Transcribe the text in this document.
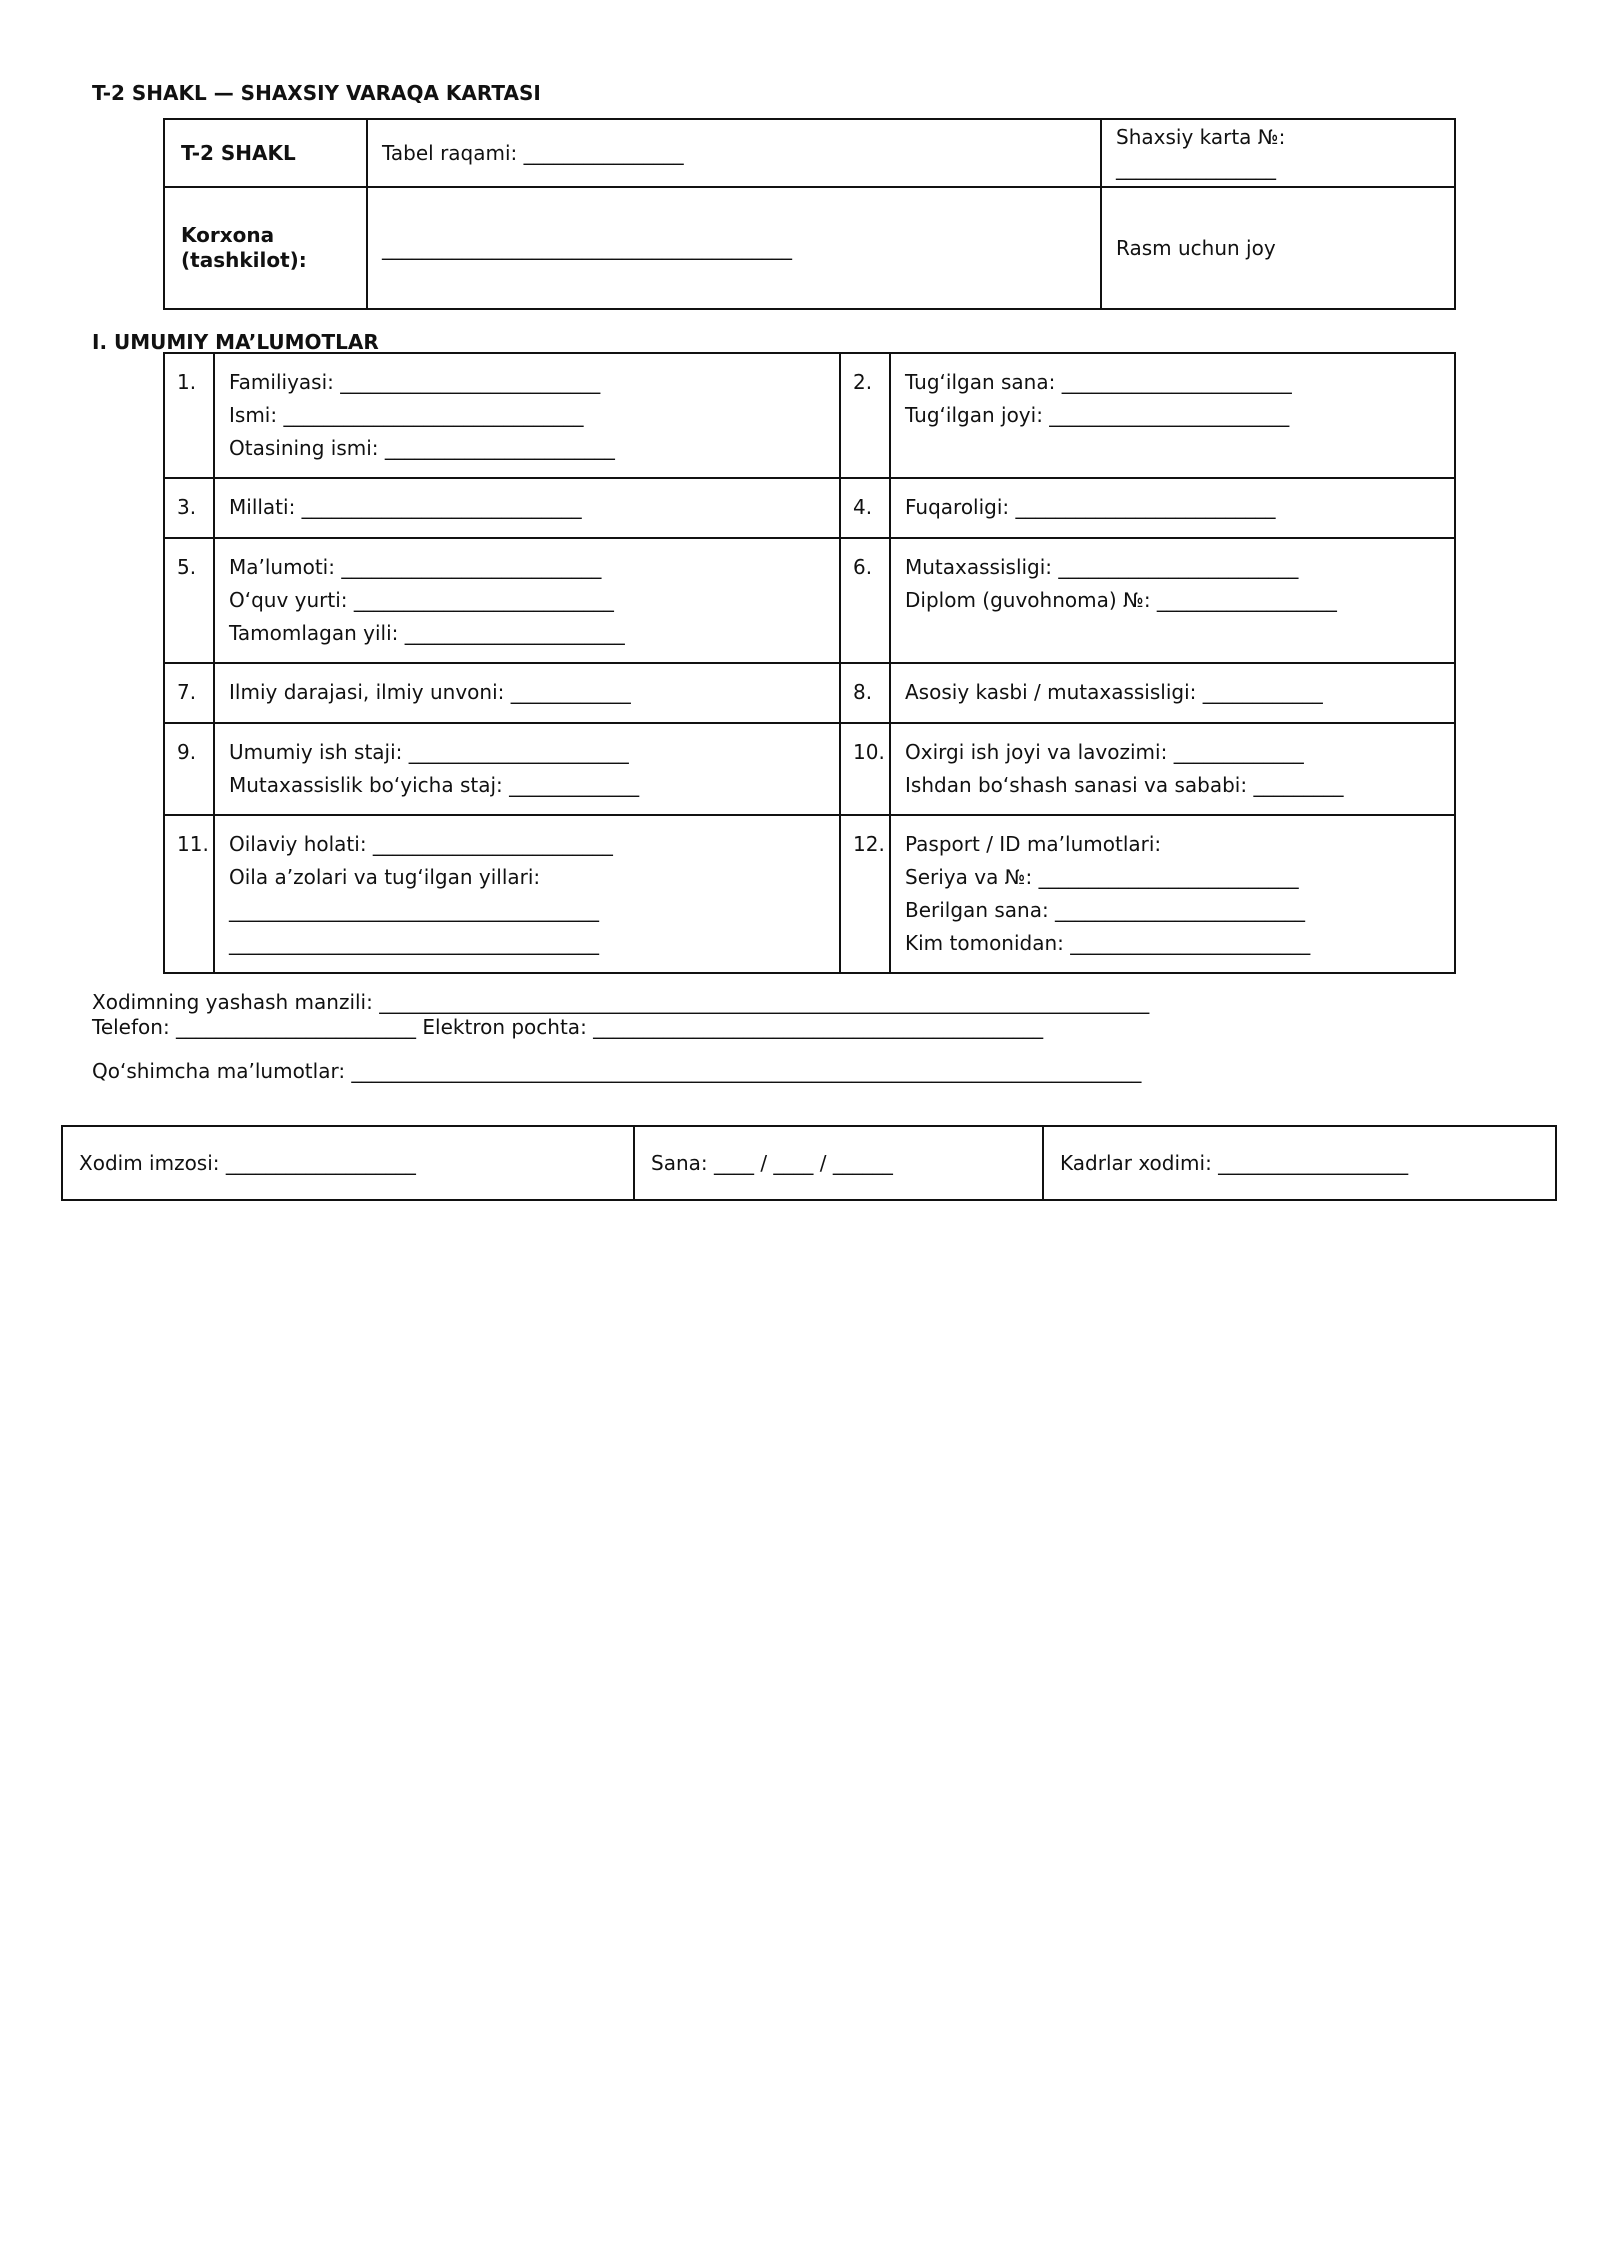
T-2 SHAKL — SHAXSIY VARAQA KARTASI
T-2 SHAKL	Tabel raqami: ________________	Shaxsiy karta №:
________________

Korxona
(tashkilot):	_________________________________________	Rasm uchun joy
I. UMUMIY MA’LUMOTLAR
1.	Familiyasi: __________________________
Ismi: ______________________________
Otasining ismi: _______________________	2.	Tug‘ilgan sana: _______________________
Tug‘ilgan joyi: ________________________

3.	Millati: ____________________________	4.	Fuqaroligi: __________________________

5.	Ma’lumoti: __________________________
O‘quv yurti: __________________________
Tamomlagan yili: ______________________	6.	Mutaxassisligi: ________________________
Diplom (guvohnoma) №: __________________

7.	Ilmiy darajasi, ilmiy unvoni: ____________	8.	Asosiy kasbi / mutaxassisligi: ____________

9.	Umumiy ish staji: ______________________
Mutaxassislik bo‘yicha staj: _____________	10.	Oxirgi ish joyi va lavozimi: _____________
Ishdan bo‘shash sanasi va sababi: _________

11.	Oilaviy holati: ________________________
Oila a’zolari va tug‘ilgan yillari:
_____________________________________
_____________________________________	12.	Pasport / ID ma’lumotlari:
Seriya va №: __________________________
Berilgan sana: _________________________
Kim tomonidan: ________________________
Xodimning yashash manzili: _____________________________________________________________________________
Telefon: ________________________ Elektron pochta: _____________________________________________
Qo‘shimcha ma’lumotlar: _______________________________________________________________________________
Xodim imzosi: ___________________	Sana: ____ / ____ / ______	Kadrlar xodimi: ___________________
